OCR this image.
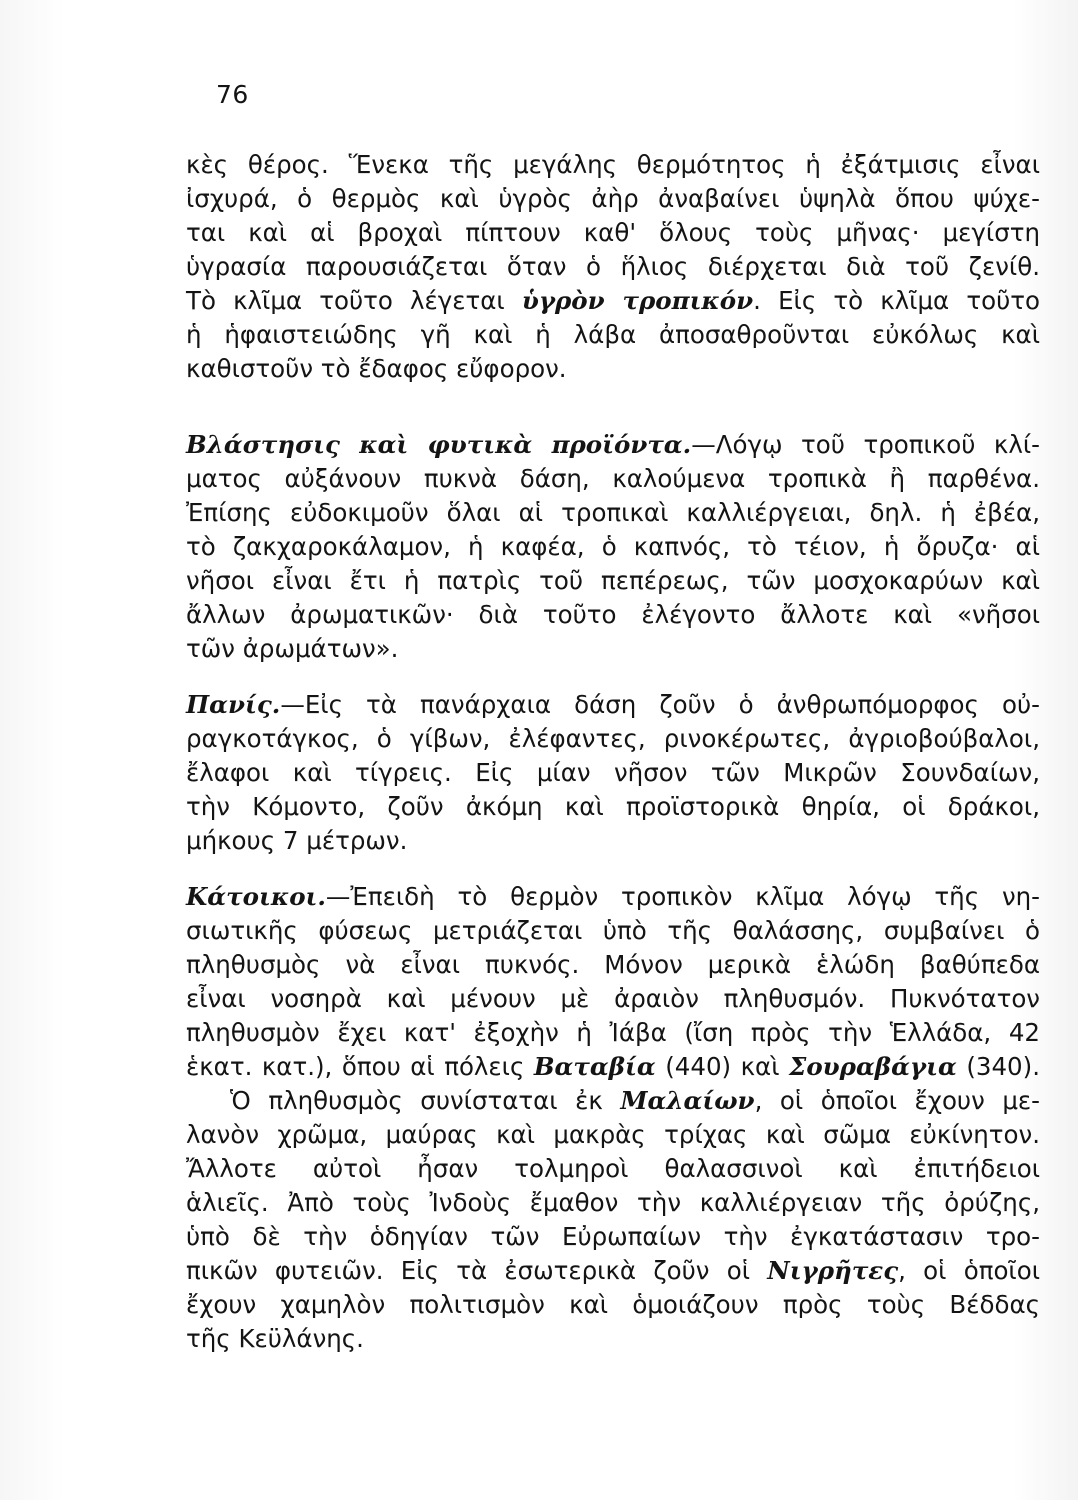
76
κὲς θέρος. Ἕνεκα τῆς μεγάλης θερμότητος ἡ ἐξάτμισις εἶναι
ἰσχυρά, ὁ θερμὸς καὶ ὑγρὸς ἀὴρ ἀναβαίνει ὑψηλὰ ὅπου ψύχε-
ται καὶ αἱ βροχαὶ πίπτουν καθ' ὅλους τοὺς μῆνας· μεγίστη
ὑγρασία παρουσιάζεται ὅταν ὁ ἥλιος διέρχεται διὰ τοῦ ζενίθ.
Τὸ κλῖμα τοῦτο λέγεται ὑγρὸν τροπικόν. Εἰς τὸ κλῖμα τοῦτο
ἡ ἡφαιστειώδης γῆ καὶ ἡ λάβα ἀποσαθροῦνται εὐκόλως καὶ
καθιστοῦν τὸ ἔδαφος εὔφορον.
Βλάστησις καὶ φυτικὰ προϊόντα.—Λόγῳ τοῦ τροπικοῦ κλί-
ματος αὐξάνουν πυκνὰ δάση, καλούμενα τροπικὰ ἢ παρθένα.
Ἐπίσης εὐδοκιμοῦν ὅλαι αἱ τροπικαὶ καλλιέργειαι, δηλ. ἡ ἐβέα,
τὸ ζακχαροκάλαμον, ἡ καφέα, ὁ καπνός, τὸ τέιον, ἡ ὄρυζα· αἱ
νῆσοι εἶναι ἔτι ἡ πατρὶς τοῦ πεπέρεως, τῶν μοσχοκαρύων καὶ
ἄλλων ἀρωματικῶν· διὰ τοῦτο ἐλέγοντο ἄλλοτε καὶ «νῆσοι
τῶν ἀρωμάτων».
Πανίς.—Εἰς τὰ πανάρχαια δάση ζοῦν ὁ ἀνθρωπόμορφος οὐ-
ραγκοτάγκος, ὁ γίβων, ἐλέφαντες, ρινοκέρωτες, ἀγριοβούβαλοι,
ἔλαφοι καὶ τίγρεις. Εἰς μίαν νῆσον τῶν Μικρῶν Σουνδαίων,
τὴν Κόμοντο, ζοῦν ἀκόμη καὶ προϊστορικὰ θηρία, οἱ δράκοι,
μήκους 7 μέτρων.
Κάτοικοι.—Ἐπειδὴ τὸ θερμὸν τροπικὸν κλῖμα λόγῳ τῆς νη-
σιωτικῆς φύσεως μετριάζεται ὑπὸ τῆς θαλάσσης, συμβαίνει ὁ
πληθυσμὸς νὰ εἶναι πυκνός. Μόνον μερικὰ ἑλώδη βαθύπεδα
εἶναι νοσηρὰ καὶ μένουν μὲ ἀραιὸν πληθυσμόν. Πυκνότατον
πληθυσμὸν ἔχει κατ' ἐξοχὴν ἡ Ἰάβα (ἴση πρὸς τὴν Ἑλλάδα, 42
ἑκατ. κατ.), ὅπου αἱ πόλεις Βαταβία (440) καὶ Σουραβάγια (340).
Ὁ πληθυσμὸς συνίσταται ἐκ Μαλαίων, οἱ ὁποῖοι ἔχουν με-
λανὸν χρῶμα, μαύρας καὶ μακρὰς τρίχας καὶ σῶμα εὐκίνητον.
Ἄλλοτε αὐτοὶ ἦσαν τολμηροὶ θαλασσινοὶ καὶ ἐπιτήδειοι
ἁλιεῖς. Ἀπὸ τοὺς Ἰνδοὺς ἔμαθον τὴν καλλιέργειαν τῆς ὀρύζης,
ὑπὸ δὲ τὴν ὁδηγίαν τῶν Εὐρωπαίων τὴν ἐγκατάστασιν τρο-
πικῶν φυτειῶν. Εἰς τὰ ἐσωτερικὰ ζοῦν οἱ Νιγρῆτες, οἱ ὁποῖοι
ἔχουν χαμηλὸν πολιτισμὸν καὶ ὁμοιάζουν πρὸς τοὺς Βέδδας
τῆς Κεϋλάνης.
